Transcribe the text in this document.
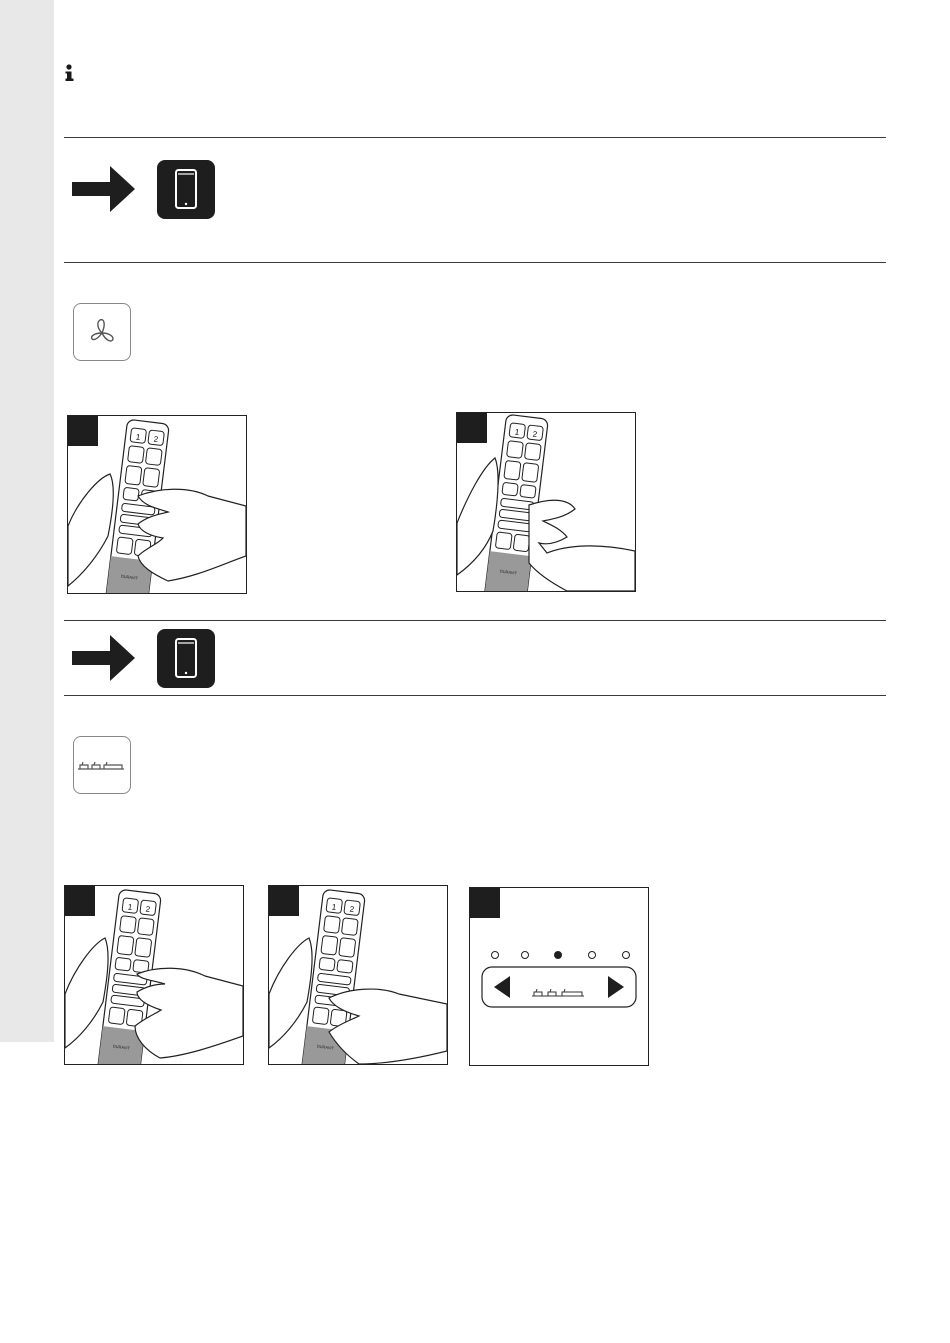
1 2
DURAVIT
1 2
DURAVIT
1 2
DURAVIT
1 2
DURAVIT
